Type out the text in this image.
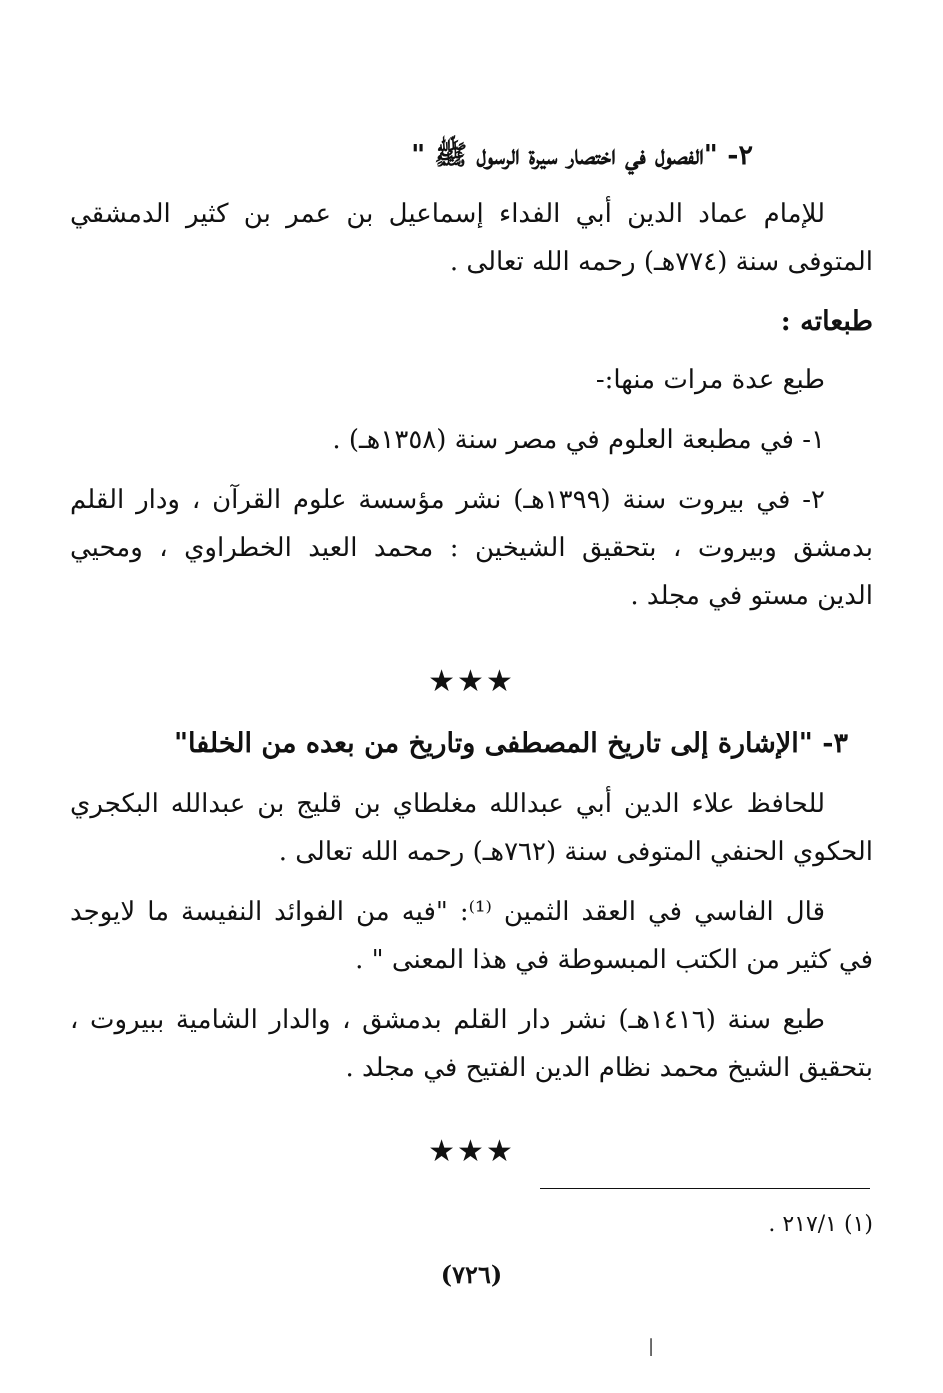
٢- "الفصول في اختصار سيرة الرسول ﷺ "
للإمام عماد الدين أبي الفداء إسماعيل بن عمر بن كثير الدمشقي
المتوفى سنة (٧٧٤هـ) رحمه الله تعالى .
طبعاته :
طبع عدة مرات منها:-
١- في مطبعة العلوم في مصر سنة (١٣٥٨هـ) .
٢- في بيروت سنة (١٣٩٩هـ) نشر مؤسسة علوم القرآن ، ودار القلم
بدمشق وبيروت ، بتحقيق الشيخين : محمد العيد الخطراوي ، ومحيي
الدين مستو في مجلد .
★★★
٣- "الإشارة إلى تاريخ المصطفى وتاريخ من بعده من الخلفا"
للحافظ علاء الدين أبي عبدالله مغلطاي بن قليج بن عبدالله البكجري
الحكوي الحنفي المتوفى سنة (٧٦٢هـ) رحمه الله تعالى .
قال الفاسي في العقد الثمين ⁽¹⁾: "فيه من الفوائد النفيسة ما لايوجد
في كثير من الكتب المبسوطة في هذا المعنى " .
طبع سنة (١٤١٦هـ) نشر دار القلم بدمشق ، والدار الشامية ببيروت ،
بتحقيق الشيخ محمد نظام الدين الفتيح في مجلد .
★★★
(١) ٢١٧/١ .
(٧٢٦)
|
